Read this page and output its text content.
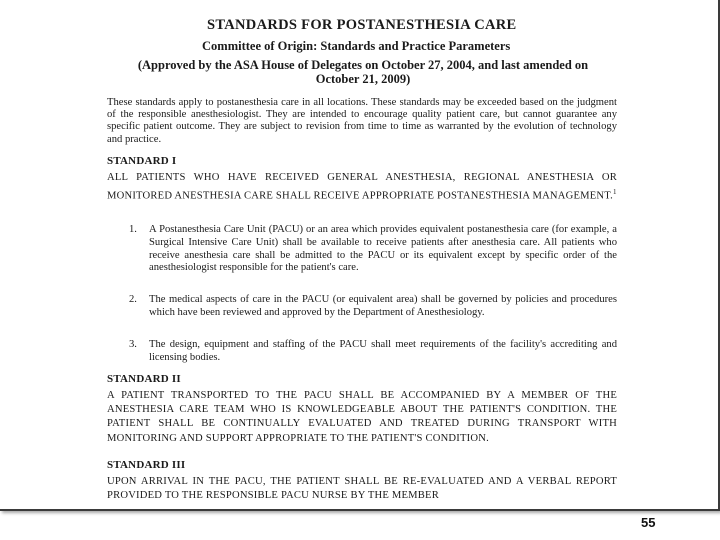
STANDARDS FOR POSTANESTHESIA CARE
Committee of Origin: Standards and Practice Parameters
(Approved by the ASA House of Delegates on October 27, 2004, and last amended on October 21, 2009)
These standards apply to postanesthesia care in all locations. These standards may be exceeded based on the judgment of the responsible anesthesiologist. They are intended to encourage quality patient care, but cannot guarantee any specific patient outcome. They are subject to revision from time to time as warranted by the evolution of technology and practice.
STANDARD I
ALL PATIENTS WHO HAVE RECEIVED GENERAL ANESTHESIA, REGIONAL ANESTHESIA OR MONITORED ANESTHESIA CARE SHALL RECEIVE APPROPRIATE POSTANESTHESIA MANAGEMENT.$^1$
1. A Postanesthesia Care Unit (PACU) or an area which provides equivalent postanesthesia care (for example, a Surgical Intensive Care Unit) shall be available to receive patients after anesthesia care. All patients who receive anesthesia care shall be admitted to the PACU or its equivalent except by specific order of the anesthesiologist responsible for the patient's care.
2. The medical aspects of care in the PACU (or equivalent area) shall be governed by policies and procedures which have been reviewed and approved by the Department of Anesthesiology.
3. The design, equipment and staffing of the PACU shall meet requirements of the facility's accrediting and licensing bodies.
STANDARD II
A PATIENT TRANSPORTED TO THE PACU SHALL BE ACCOMPANIED BY A MEMBER OF THE ANESTHESIA CARE TEAM WHO IS KNOWLEDGEABLE ABOUT THE PATIENT'S CONDITION. THE PATIENT SHALL BE CONTINUALLY EVALUATED AND TREATED DURING TRANSPORT WITH MONITORING AND SUPPORT APPROPRIATE TO THE PATIENT'S CONDITION.
STANDARD III
UPON ARRIVAL IN THE PACU, THE PATIENT SHALL BE RE-EVALUATED AND A VERBAL REPORT PROVIDED TO THE RESPONSIBLE PACU NURSE BY THE MEMBER
55
